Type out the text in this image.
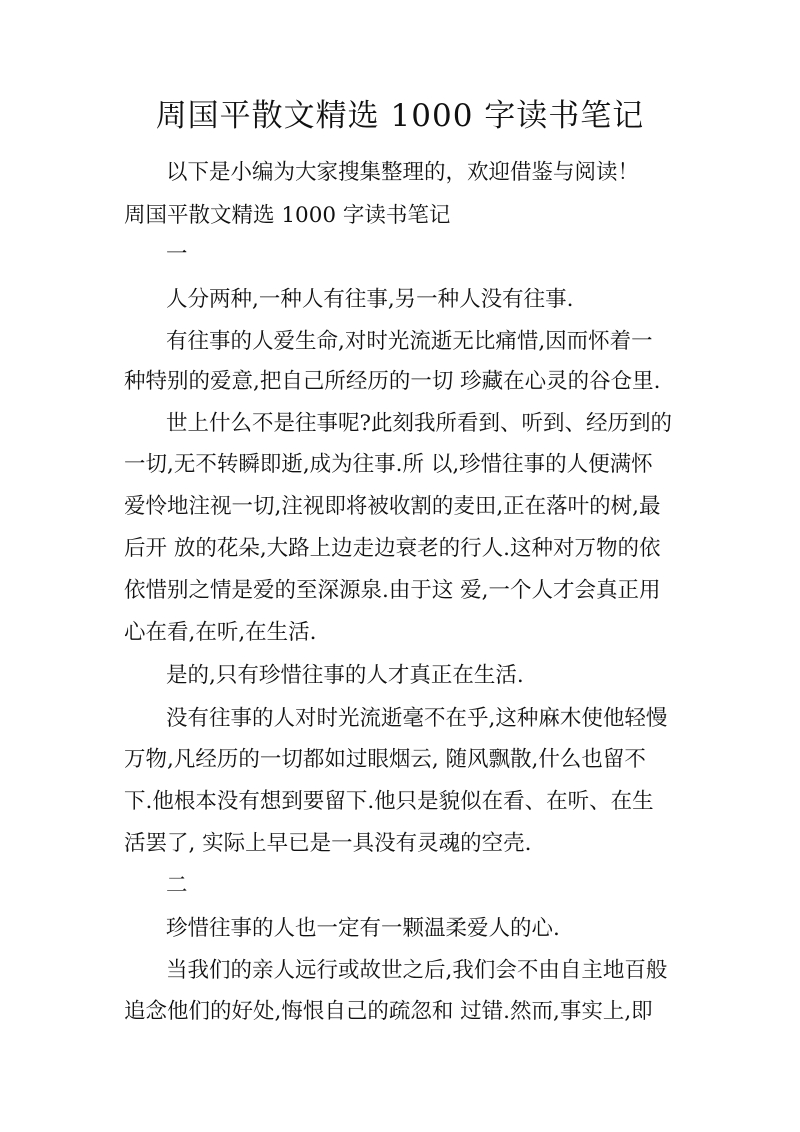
周国平散文精选 1000 字读书笔记

以下是小编为大家搜集整理的，欢迎借鉴与阅读！

周国平散文精选 1000 字读书笔记

一

人分两种,一种人有往事,另一种人没有往事.

有往事的人爱生命,对时光流逝无比痛惜,因而怀着一

种特别的爱意,把自己所经历的一切 珍藏在心灵的谷仓里.

世上什么不是往事呢?此刻我所看到、听到、经历到的

一切,无不转瞬即逝,成为往事.所 以,珍惜往事的人便满怀

爱怜地注视一切,注视即将被收割的麦田,正在落叶的树,最

后开 放的花朵,大路上边走边衰老的行人.这种对万物的依

依惜别之情是爱的至深源泉.由于这 爱,一个人才会真正用

心在看,在听,在生活.

是的,只有珍惜往事的人才真正在生活.

没有往事的人对时光流逝毫不在乎,这种麻木使他轻慢

万物,凡经历的一切都如过眼烟云, 随风飘散,什么也留不

下.他根本没有想到要留下.他只是貌似在看、在听、在生

活罢了, 实际上早已是一具没有灵魂的空壳.

二

珍惜往事的人也一定有一颗温柔爱人的心.

当我们的亲人远行或故世之后,我们会不由自主地百般

追念他们的好处,悔恨自己的疏忽和 过错.然而,事实上,即
